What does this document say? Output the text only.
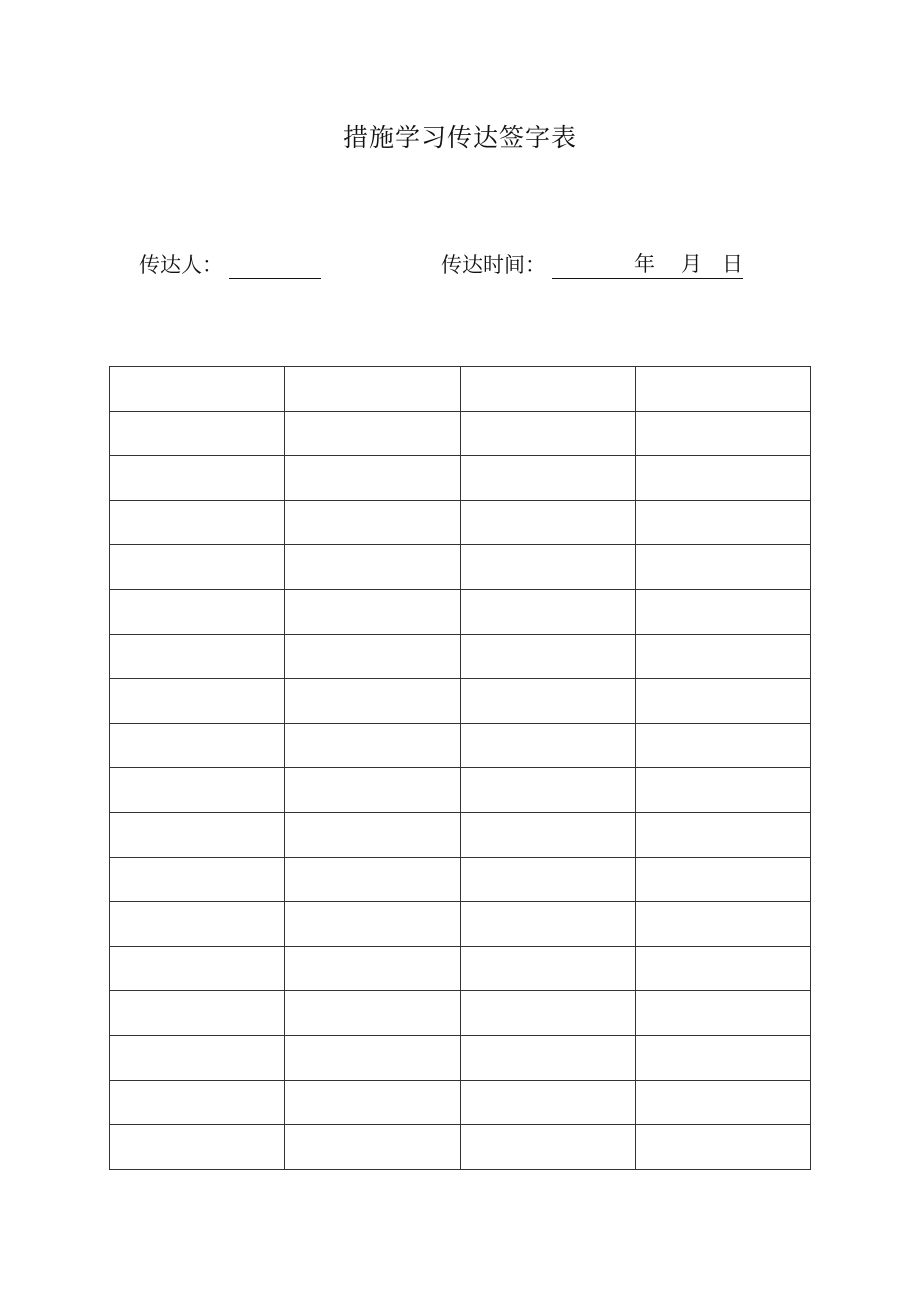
措施学习传达签字表
传达人：	传达时间：	年 月 日
